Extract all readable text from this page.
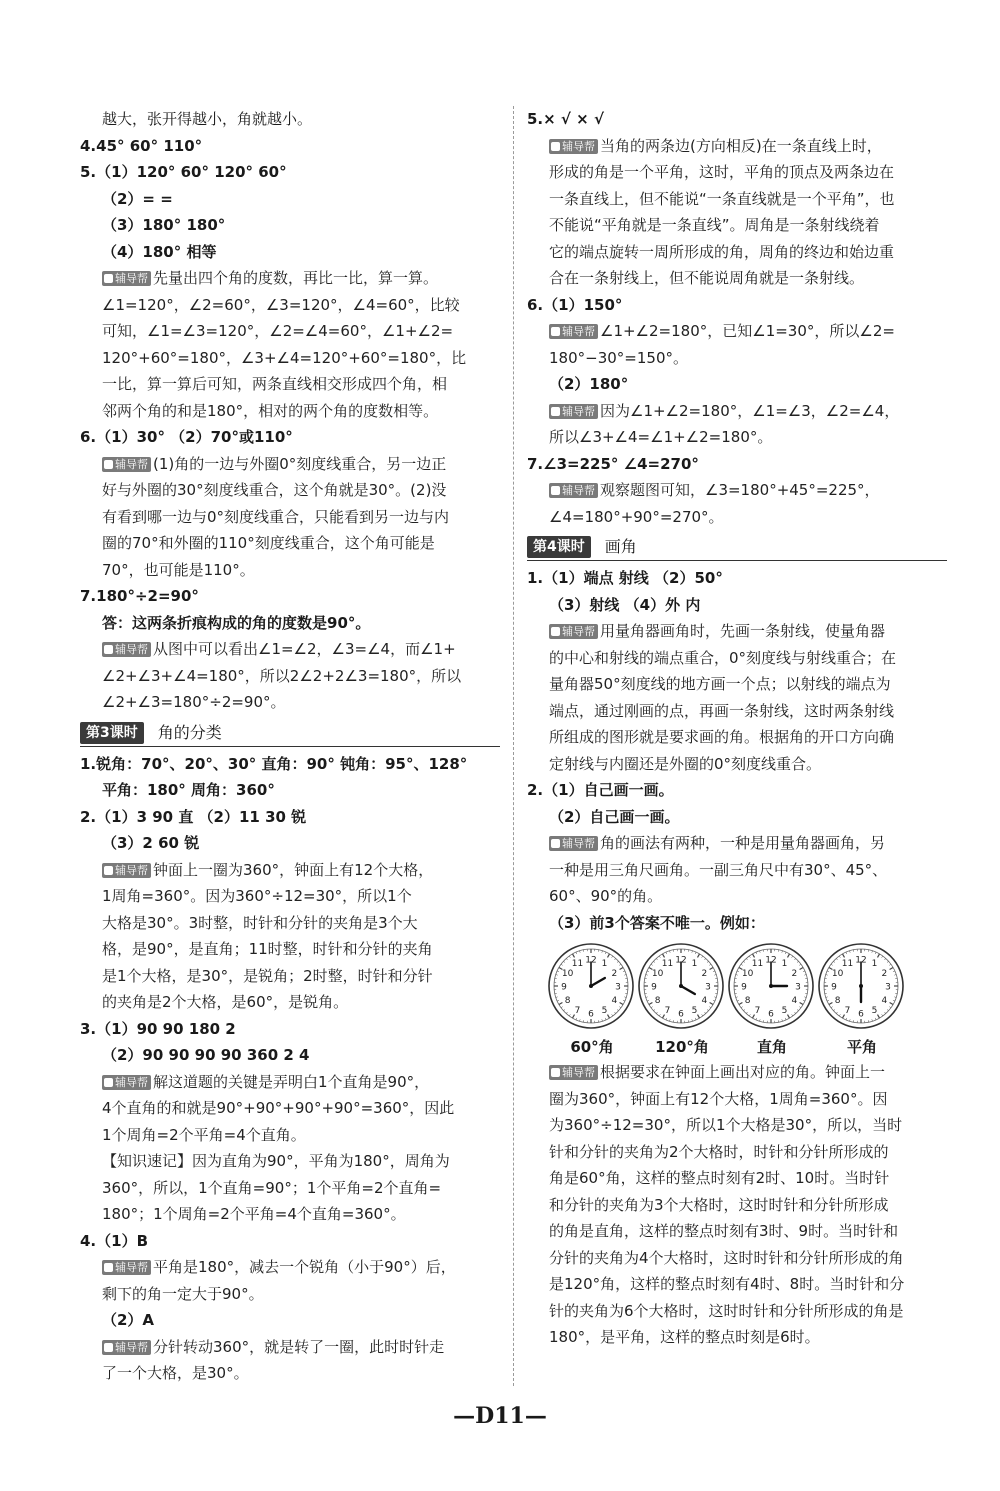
越大，张开得越小，角就越小。
4.45° 60° 110°
5.（1）120° 60° 120° 60°
（2）= =
（3）180° 180°
（4）180° 相等
辅导帮 先量出四个角的度数，再比一比，算一算。
∠1=120°，∠2=60°，∠3=120°，∠4=60°，比较
可知，∠1=∠3=120°，∠2=∠4=60°，∠1+∠2=
120°+60°=180°，∠3+∠4=120°+60°=180°，比
一比，算一算后可知，两条直线相交形成四个角，相
邻两个角的和是180°，相对的两个角的度数相等。
6.（1）30° （2）70°或110°
辅导帮 (1)角的一边与外圈0°刻度线重合，另一边正
好与外圈的30°刻度线重合，这个角就是30°。(2)没
有看到哪一边与0°刻度线重合，只能看到另一边与内
圈的70°和外圈的110°刻度线重合，这个角可能是
70°，也可能是110°。
7.180°÷2=90°
答：这两条折痕构成的角的度数是90°。
辅导帮 从图中可以看出∠1=∠2，∠3=∠4，而∠1+
∠2+∠3+∠4=180°，所以2∠2+2∠3=180°，所以
∠2+∠3=180°÷2=90°。
第3课时 角的分类
1.锐角：70°、20°、30° 直角：90° 钝角：95°、128°
平角：180° 周角：360°
2.（1）3 90 直 （2）11 30 锐
（3）2 60 锐
辅导帮 钟面上一圈为360°，钟面上有12个大格，
1周角=360°。因为360°÷12=30°，所以1个
大格是30°。3时整，时针和分针的夹角是3个大
格，是90°，是直角；11时整，时针和分针的夹角
是1个大格，是30°，是锐角；2时整，时针和分针
的夹角是2个大格，是60°，是锐角。
3.（1）90 90 180 2
（2）90 90 90 90 360 2 4
辅导帮 解这道题的关键是弄明白1个直角是90°，
4个直角的和就是90°+90°+90°+90°=360°，因此
1个周角=2个平角=4个直角。
【知识速记】因为直角为90°，平角为180°，周角为
360°，所以，1个直角=90°；1个平角=2个直角=
180°；1个周角=2个平角=4个直角=360°。
4.（1）B
辅导帮 平角是180°，减去一个锐角（小于90°）后，
剩下的角一定大于90°。
（2）A
辅导帮 分针转动360°，就是转了一圈，此时时针走
了一个大格，是30°。
5.× √ × √
辅导帮 当角的两条边(方向相反)在一条直线上时，
形成的角是一个平角，这时，平角的顶点及两条边在
一条直线上，但不能说“一条直线就是一个平角”，也
不能说“平角就是一条直线”。周角是一条射线绕着
它的端点旋转一周所形成的角，周角的终边和始边重
合在一条射线上，但不能说周角就是一条射线。
6.（1）150°
辅导帮 ∠1+∠2=180°，已知∠1=30°，所以∠2=
180°−30°=150°。
（2）180°
辅导帮 因为∠1+∠2=180°，∠1=∠3，∠2=∠4，
所以∠3+∠4=∠1+∠2=180°。
7.∠3=225° ∠4=270°
辅导帮 观察题图可知，∠3=180°+45°=225°，
∠4=180°+90°=270°。
第4课时 画角
1.（1）端点 射线 （2）50°
（3）射线 （4）外 内
辅导帮 用量角器画角时，先画一条射线，使量角器
的中心和射线的端点重合，0°刻度线与射线重合；在
量角器50°刻度线的地方画一个点；以射线的端点为
端点，通过刚画的点，再画一条射线，这时两条射线
所组成的图形就是要求画的角。根据角的开口方向确
定射线与内圈还是外圈的0°刻度线重合。
2.（1）自己画一画。
（2）自己画一画。
辅导帮 角的画法有两种，一种是用量角器画角，另
一种是用三角尺画角。一副三角尺中有30°、45°、
60°、90°的角。
（3）前3个答案不唯一。例如：
1
2
3
4
5
6
7
8
9
10
11 12	1
2
3
4
5
6
7
8
9
10
11 12	1
2
3
4
5
6
7
8
9
10
11 12	1
2
3
4
5
6
7
8
9
10
11 12
60°角	120°角	直角	平角
辅导帮 根据要求在钟面上画出对应的角。钟面上一
圈为360°，钟面上有12个大格，1周角=360°。因
为360°÷12=30°，所以1个大格是30°，所以，当时
针和分针的夹角为2个大格时，时针和分针所形成的
角是60°角，这样的整点时刻有2时、10时。当时针
和分针的夹角为3个大格时，这时时针和分针所形成
的角是直角，这样的整点时刻有3时、9时。当时针和
分针的夹角为4个大格时，这时时针和分针所形成的角
是120°角，这样的整点时刻有4时、8时。当时针和分
针的夹角为6个大格时，这时时针和分针所形成的角是
180°，是平角，这样的整点时刻是6时。
—D11—
